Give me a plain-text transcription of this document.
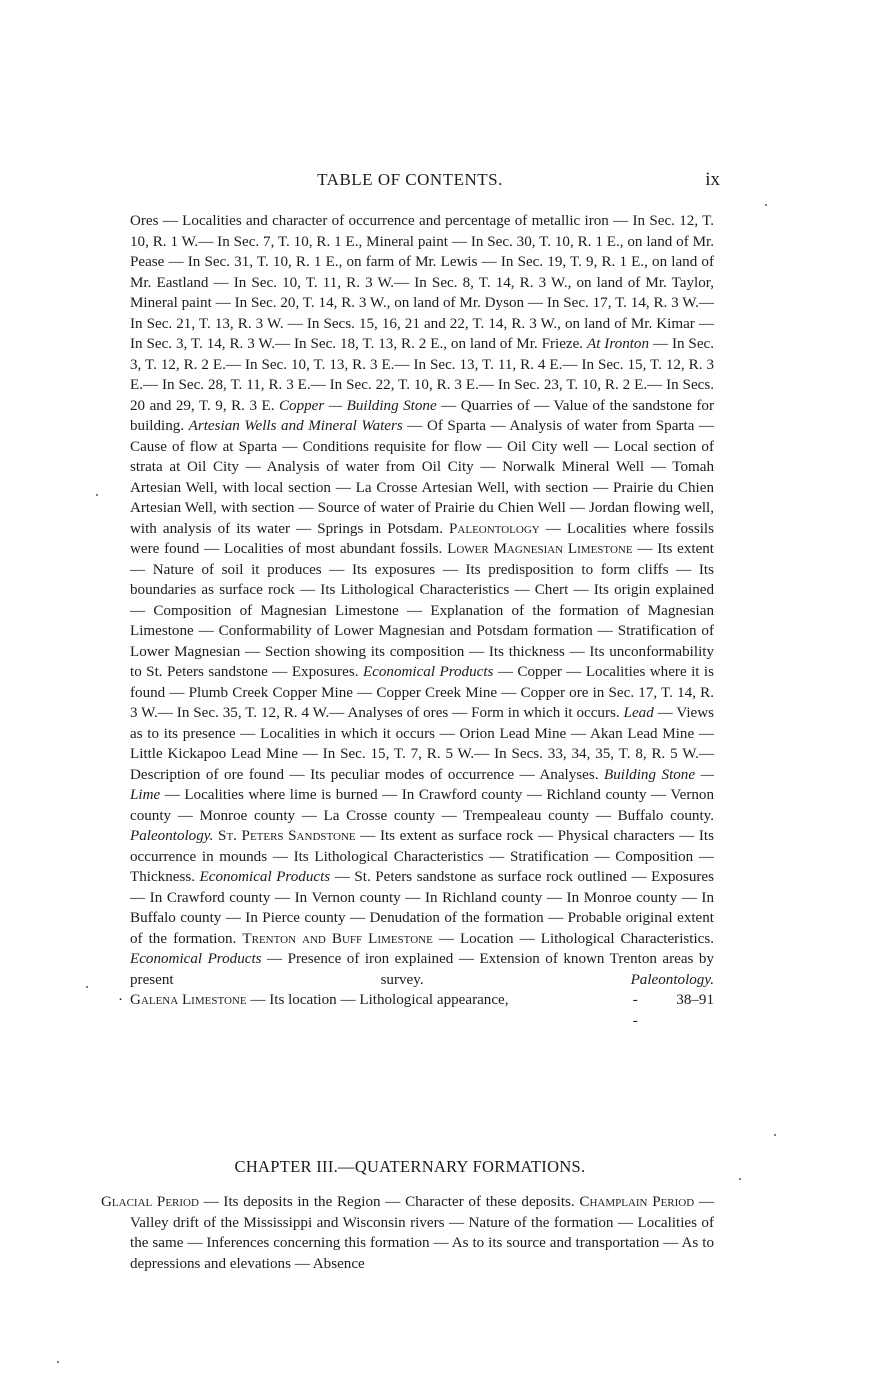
TABLE OF CONTENTS.	ix
Ores — Localities and character of occurrence and percentage of metallic iron — In Sec. 12, T. 10, R. 1 W.— In Sec. 7, T. 10, R. 1 E., Mineral paint — In Sec. 30, T. 10, R. 1 E., on land of Mr. Pease — In Sec. 31, T. 10, R. 1 E., on farm of Mr. Lewis — In Sec. 19, T. 9, R. 1 E., on land of Mr. Eastland — In Sec. 10, T. 11, R. 3 W.— In Sec. 8, T. 14, R. 3 W., on land of Mr. Taylor, Mineral paint — In Sec. 20, T. 14, R. 3 W., on land of Mr. Dyson — In Sec. 17, T. 14, R. 3 W.— In Sec. 21, T. 13, R. 3 W. — In Secs. 15, 16, 21 and 22, T. 14, R. 3 W., on land of Mr. Kimar — In Sec. 3, T. 14, R. 3 W.— In Sec. 18, T. 13, R. 2 E., on land of Mr. Frieze. At Ironton — In Sec. 3, T. 12, R. 2 E.— In Sec. 10, T. 13, R. 3 E.— In Sec. 13, T. 11, R. 4 E.— In Sec. 15, T. 12, R. 3 E.— In Sec. 28, T. 11, R. 3 E.— In Sec. 22, T. 10, R. 3 E.— In Sec. 23, T. 10, R. 2 E.— In Secs. 20 and 29, T. 9, R. 3 E. Copper — Building Stone — Quarries of — Value of the sandstone for building. Artesian Wells and Mineral Waters — Of Sparta — Analysis of water from Sparta — Cause of flow at Sparta — Conditions requisite for flow — Oil City well — Local section of strata at Oil City — Analysis of water from Oil City — Norwalk Mineral Well — Tomah Artesian Well, with local section — La Crosse Artesian Well, with section — Prairie du Chien Artesian Well, with section — Source of water of Prairie du Chien Well — Jordan flowing well, with analysis of its water — Springs in Potsdam. Paleontology — Localities where fossils were found — Localities of most abundant fossils. Lower Magnesian Limestone — Its extent — Nature of soil it produces — Its exposures — Its predisposition to form cliffs — Its boundaries as surface rock — Its Lithological Characteristics — Chert — Its origin explained — Composition of Magnesian Limestone — Explanation of the formation of Magnesian Limestone — Conformability of Lower Magnesian and Potsdam formation — Stratification of Lower Magnesian — Section showing its composition — Its thickness — Its unconformability to St. Peters sandstone — Exposures. Economical Products — Copper — Localities where it is found — Plumb Creek Copper Mine — Copper Creek Mine — Copper ore in Sec. 17, T. 14, R. 3 W.— In Sec. 35, T. 12, R. 4 W.— Analyses of ores — Form in which it occurs. Lead — Views as to its presence — Localities in which it occurs — Orion Lead Mine — Akan Lead Mine — Little Kickapoo Lead Mine — In Sec. 15, T. 7, R. 5 W.— In Secs. 33, 34, 35, T. 8, R. 5 W.— Description of ore found — Its peculiar modes of occurrence — Analyses. Building Stone — Lime — Localities where lime is burned — In Crawford county — Richland county — Vernon county — Monroe county — La Crosse county — Trempealeau county — Buffalo county. Paleontology. St. Peters Sandstone — Its extent as surface rock — Physical characters — Its occurrence in mounds — Its Lithological Characteristics — Stratification — Composition — Thickness. Economical Products — St. Peters sandstone as surface rock outlined — Exposures — In Crawford county — In Vernon county — In Richland county — In Monroe county — In Buffalo county — In Pierce county — Denudation of the formation — Probable original extent of the formation. Trenton and Buff Limestone — Location — Lithological Characteristics. Economical Products — Presence of iron explained — Extension of known Trenton areas by present survey. Paleontology.
· Galena Limestone — Its location — Lithological appearance,	- -
38–91
CHAPTER III.—QUATERNARY FORMATIONS.
Glacial Period — Its deposits in the Region — Character of these deposits. Champlain Period — Valley drift of the Mississippi and Wisconsin rivers — Nature of the formation — Localities of the same — Inferences concerning this formation — As to its source and transportation — As to depressions and elevations — Absence
